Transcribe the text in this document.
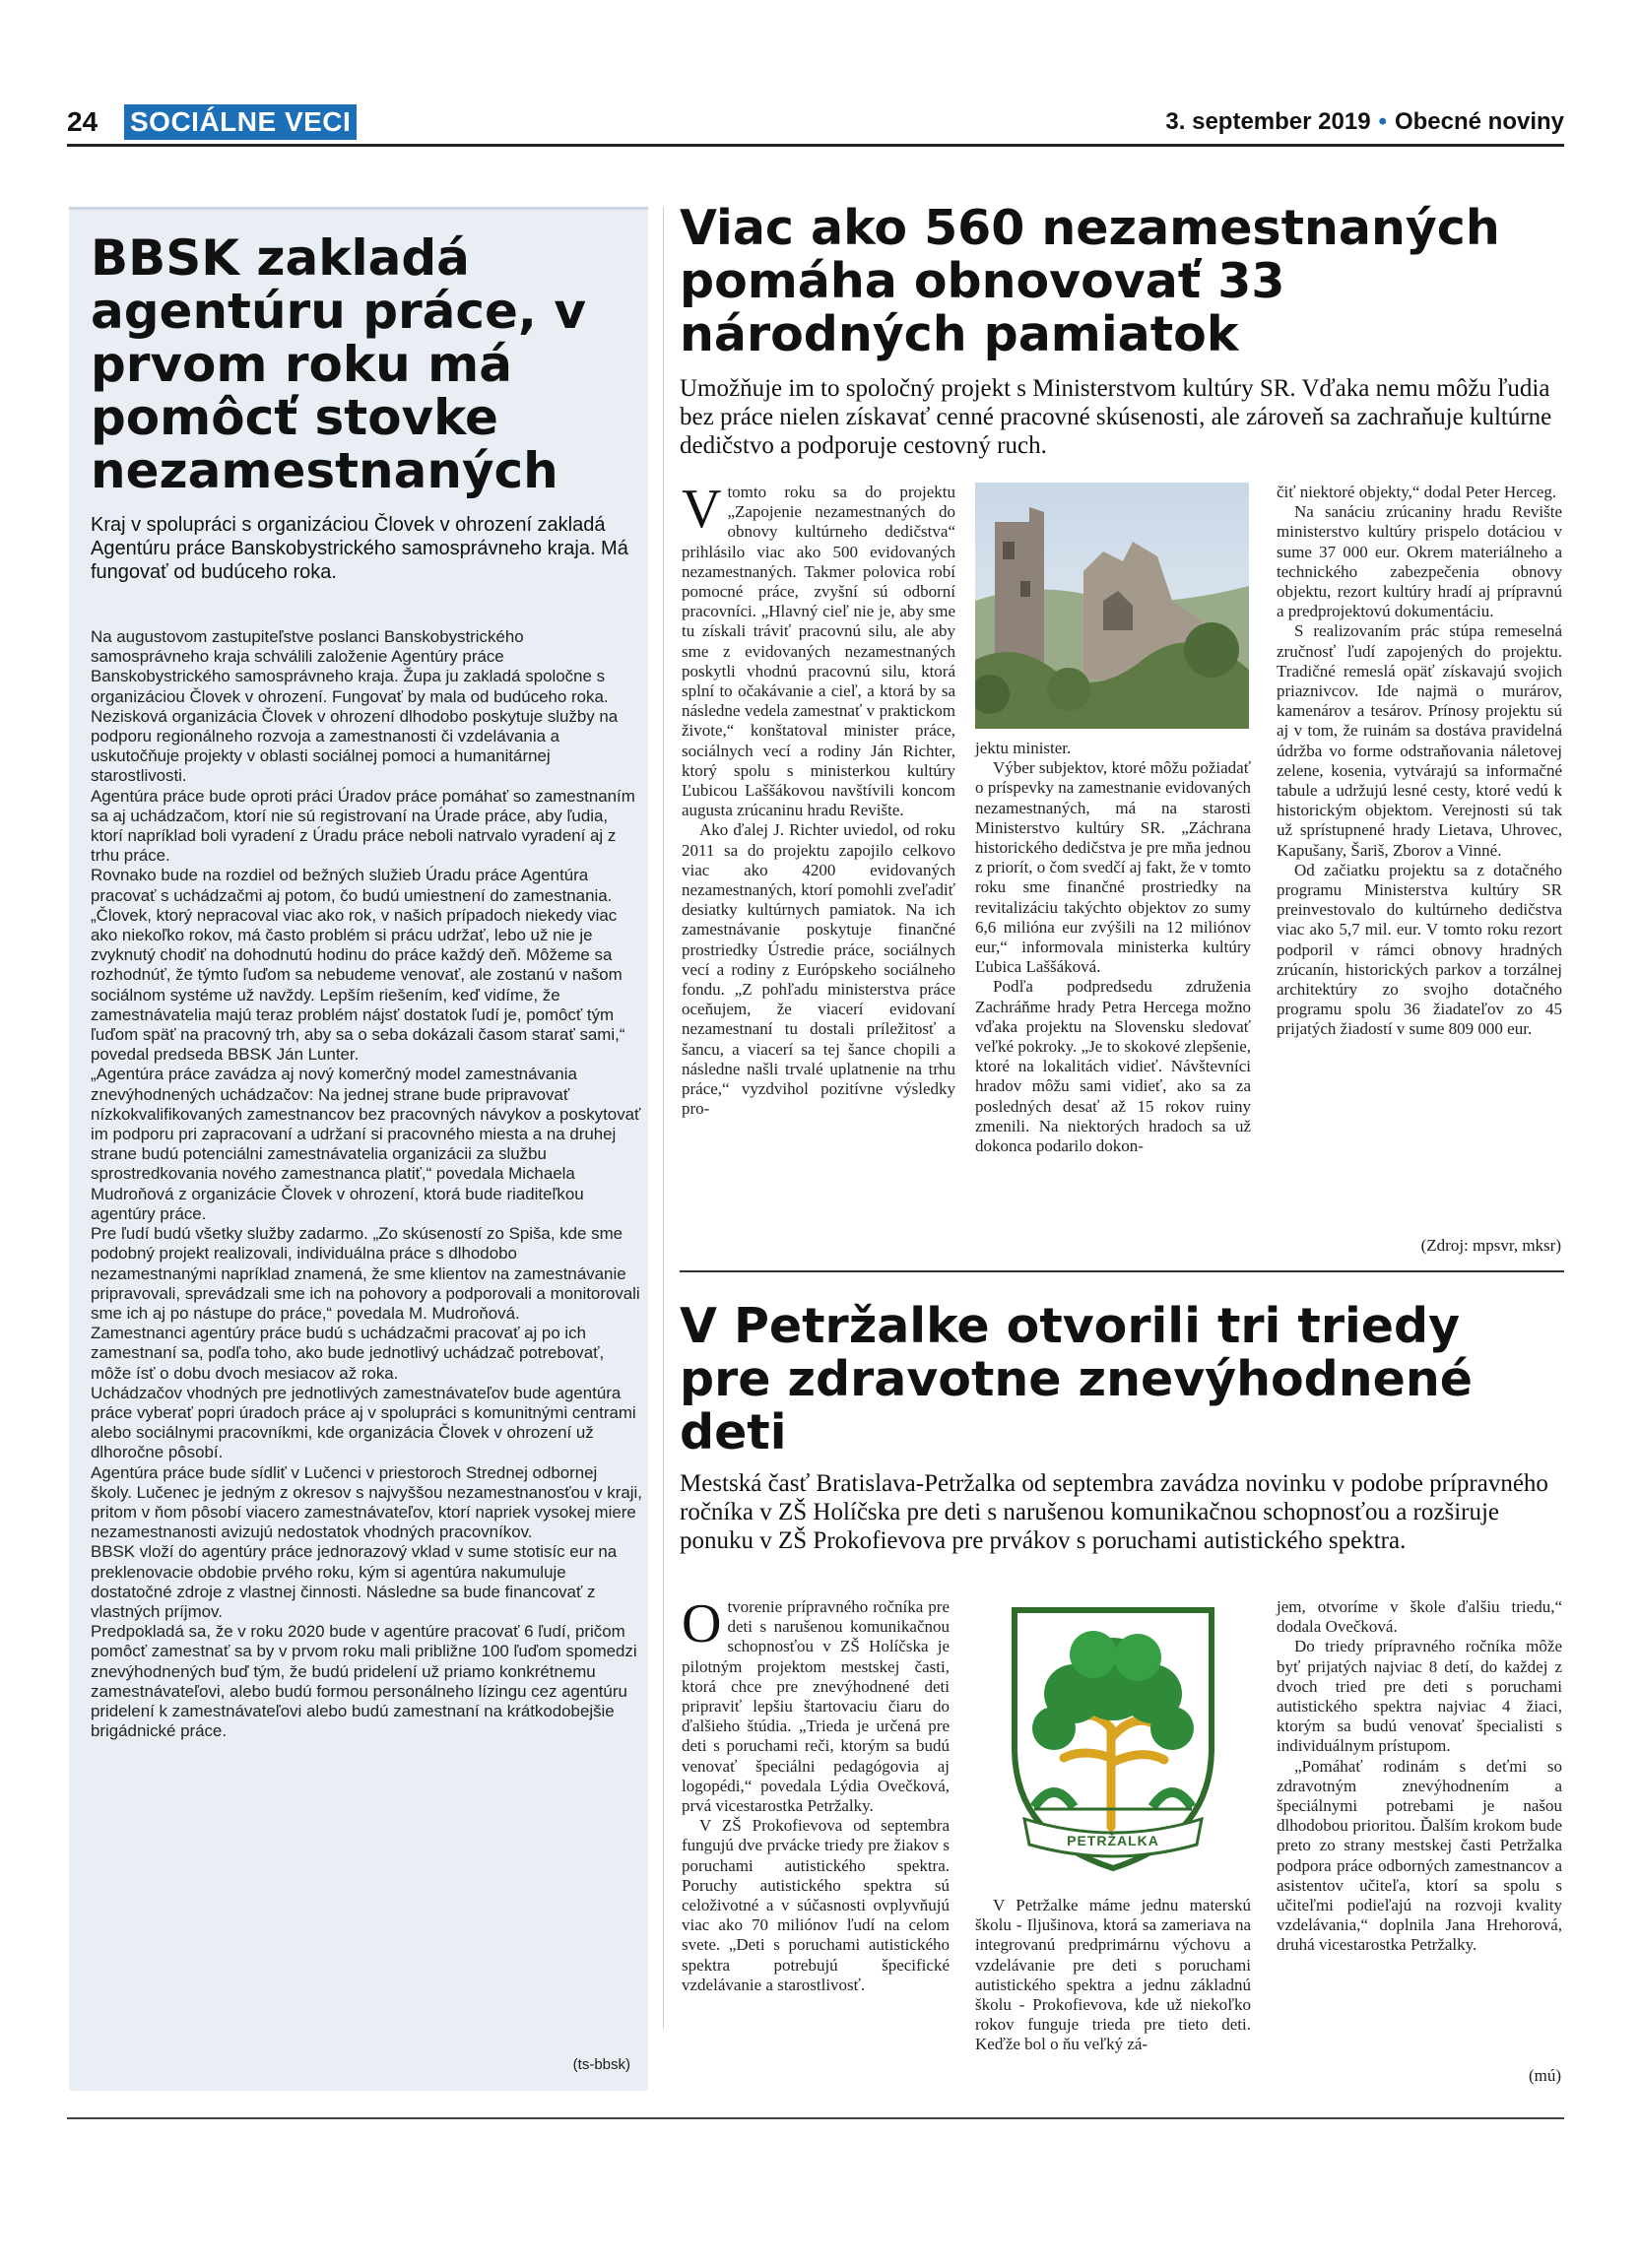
24 SOCIÁLNE VECI	3. september 2019 • Obecné noviny
BBSK zakladá agentúru práce, v prvom roku má pomôcť stovke nezamestnaných

Kraj v spolupráci s organizáciou Človek v ohrození zakladá Agentúru práce Banskobystrického samosprávneho kraja. Má fungovať od budúceho roka.

Na augustovom zastupiteľstve poslanci Banskobystrického samosprávneho kraja schválili založenie Agentúry práce Banskobystrického samosprávneho kraja. Župa ju zakladá spoločne s organizáciou Človek v ohrození. Fungovať by mala od budúceho roka. Nezisková organizácia Človek v ohrození dlhodobo poskytuje služby na podporu regionálneho rozvoja a zamestnanosti či vzdelávania a uskutočňuje projekty v oblasti sociálnej pomoci a humanitárnej starostlivosti.

Agentúra práce bude oproti práci Úradov práce pomáhať so zamestnaním sa aj uchádzačom, ktorí nie sú registrovaní na Úrade práce, aby ľudia, ktorí napríklad boli vyradení z Úradu práce neboli natrvalo vyradení aj z trhu práce.

Rovnako bude na rozdiel od bežných služieb Úradu práce Agentúra pracovať s uchádzačmi aj potom, čo budú umiestnení do zamestnania.

„Človek, ktorý nepracoval viac ako rok, v našich prípadoch niekedy viac ako niekoľko rokov, má často problém si prácu udržať, lebo už nie je zvyknutý chodiť na dohodnutú hodinu do práce každý deň. Môžeme sa rozhodnúť, že týmto ľuďom sa nebudeme venovať, ale zostanú v našom sociálnom systéme už navždy. Lepším riešením, keď vidíme, že zamestnávatelia majú teraz problém nájsť dostatok ľudí je, pomôcť tým ľuďom späť na pracovný trh, aby sa o seba dokázali časom starať sami,“ povedal predseda BBSK Ján Lunter.

„Agentúra práce zavádza aj nový komerčný model zamestnávania znevýhodnených uchádzačov: Na jednej strane bude pripravovať nízkokvalifikovaných zamestnancov bez pracovných návykov a poskytovať im podporu pri zapracovaní a udržaní si pracovného miesta a na druhej strane budú potenciálni zamestnávatelia organizácii za službu sprostredkovania nového zamestnanca platiť,“ povedala Michaela Mudroňová z organizácie Človek v ohrození, ktorá bude riaditeľkou agentúry práce.

Pre ľudí budú všetky služby zadarmo. „Zo skúseností zo Spiša, kde sme podobný projekt realizovali, individuálna práce s dlhodobo nezamestnanými napríklad znamená, že sme klientov na zamestnávanie pripravovali, sprevádzali sme ich na pohovory a podporovali a monitorovali sme ich aj po nástupe do práce,“ povedala M. Mudroňová.

Zamestnanci agentúry práce budú s uchádzačmi pracovať aj po ich zamestnaní sa, podľa toho, ako bude jednotlivý uchádzač potrebovať, môže ísť o dobu dvoch mesiacov až roka.

Uchádzačov vhodných pre jednotlivých zamestnávateľov bude agentúra práce vyberať popri úradoch práce aj v spolupráci s komunitnými centrami alebo sociálnymi pracovníkmi, kde organizácia Človek v ohrození už dlhoročne pôsobí.

Agentúra práce bude sídliť v Lučenci v priestoroch Strednej odbornej školy. Lučenec je jedným z okresov s najvyššou nezamestnanosťou v kraji, pritom v ňom pôsobí viacero zamestnávateľov, ktorí napriek vysokej miere nezamestnanosti avizujú nedostatok vhodných pracovníkov.

BBSK vloží do agentúry práce jednorazový vklad v sume stotisíc eur na preklenovacie obdobie prvého roku, kým si agentúra nakumuluje dostatočné zdroje z vlastnej činnosti. Následne sa bude financovať z vlastných príjmov.

Predpokladá sa, že v roku 2020 bude v agentúre pracovať 6 ľudí, pričom pomôcť zamestnať sa by v prvom roku mali približne 100 ľuďom spomedzi znevýhodnených buď tým, že budú pridelení už priamo konkrétnemu zamestnávateľovi, alebo budú formou personálneho lízingu cez agentúru pridelení k zamestnávateľovi alebo budú zamestnaní na krátkodobejšie brigádnické práce.

(ts-bbsk)
Viac ako 560 nezamestnaných pomáha obnovovať 33 národných pamiatok

Umožňuje im to spoločný projekt s Ministerstvom kultúry SR. Vďaka nemu môžu ľudia bez práce nielen získavať cenné pracovné skúsenosti, ale zároveň sa zachraňuje kultúrne dedičstvo a podporuje cestovný ruch.

Vtomto roku sa do projektu „Zapojenie nezamestnaných do obnovy kultúrneho dedičstva“ prihlásilo viac ako 500 evidovaných nezamestnaných. Takmer polovica robí pomocné práce, zvyšní sú odborní pracovníci. „Hlavný cieľ nie je, aby sme tu získali tráviť pracovnú silu, ale aby sme z evidovaných nezamestnaných poskytli vhodnú pracovnú silu, ktorá splní to očakávanie a cieľ, a ktorá by sa následne vedela zamestnať v praktickom živote,“ konštatoval minister práce, sociálnych vecí a rodiny Ján Richter, ktorý spolu s ministerkou kultúry Ľubicou Laššákovou navštívili koncom augusta zrúcaninu hradu Revište.

Ako ďalej J. Richter uviedol, od roku 2011 sa do projektu zapojilo celkovo viac ako 4200 evidovaných nezamestnaných, ktorí pomohli zveľadiť desiatky kultúrnych pamiatok. Na ich zamestnávanie poskytuje finančné prostriedky Ústredie práce, sociálnych vecí a rodiny z Európskeho sociálneho fondu. „Z pohľadu ministerstva práce oceňujem, že viacerí evidovaní nezamestnaní tu dostali príležitosť a šancu, a viacerí sa tej šance chopili a následne našli trvalé uplatnenie na trhu práce,“ vyzdvihol pozitívne výsledky pro-

jektu minister.

Výber subjektov, ktoré môžu požiadať o príspevky na zamestnanie evidovaných nezamestnaných, má na starosti Ministerstvo kultúry SR. „Záchrana historického dedičstva je pre mňa jednou z priorít, o čom svedčí aj fakt, že v tomto roku sme finančné prostriedky na revitalizáciu takýchto objektov zo sumy 6,6 milióna eur zvýšili na 12 miliónov eur,“ informovala ministerka kultúry Ľubica Laššáková.

Podľa podpredsedu združenia Zachráňme hrady Petra Hercega možno vďaka projektu na Slovensku sledovať veľké pokroky. „Je to skokové zlepšenie, ktoré na lokalitách vidieť. Návštevníci hradov môžu sami vidieť, ako sa za posledných desať až 15 rokov ruiny zmenili. Na niektorých hradoch sa už dokonca podarilo dokon-

čiť niektoré objekty,“ dodal Peter Herceg.

Na sanáciu zrúcaniny hradu Revište ministerstvo kultúry prispelo dotáciou v sume 37 000 eur. Okrem materiálneho a technického zabezpečenia obnovy objektu, rezort kultúry hradí aj prípravnú a predprojektovú dokumentáciu.

S realizovaním prác stúpa remeselná zručnosť ľudí zapojených do projektu. Tradičné remeslá opäť získavajú svojich priaznivcov. Ide najmä o murárov, kamenárov a tesárov. Prínosy projektu sú aj v tom, že ruinám sa dostáva pravidelná údržba vo forme odstraňovania náletovej zelene, kosenia, vytvárajú sa informačné tabule a udržujú lesné cesty, ktoré vedú k historickým objektom. Verejnosti sú tak už sprístupnené hrady Lietava, Uhrovec, Kapušany, Šariš, Zborov a Vinné.

Od začiatku projektu sa z dotačného programu Ministerstva kultúry SR preinvestovalo do kultúrneho dedičstva viac ako 5,7 mil. eur. V tomto roku rezort podporil v rámci obnovy hradných zrúcanín, historických parkov a torzálnej architektúry zo svojho dotačného programu spolu 36 žiadateľov zo 45 prijatých žiadostí v sume 809 000 eur.

(Zdroj: mpsvr, mksr)
V Petržalke otvorili tri triedy pre zdravotne znevýhodnené deti

Mestská časť Bratislava-Petržalka od septembra zavádza novinku v podobe prípravného ročníka v ZŠ Holíčska pre deti s narušenou komunikačnou schopnosťou a rozširuje ponuku v ZŠ Prokofievova pre prvákov s poruchami autistického spektra.

Otvorenie prípravného ročníka pre deti s narušenou komunikačnou schopnosťou v ZŠ Holíčska je pilotným projektom mestskej časti, ktorá chce pre znevýhodnené deti pripraviť lepšiu štartovaciu čiaru do ďalšieho štúdia. „Trieda je určená pre deti s poruchami reči, ktorým sa budú venovať špeciálni pedagógovia aj logopédi,“ povedala Lýdia Ovečková, prvá vicestarostka Petržalky.

V ZŠ Prokofievova od septembra fungujú dve prvácke triedy pre žiakov s poruchami autistického spektra. Poruchy autistického spektra sú celoživotné a v súčasnosti ovplyvňujú viac ako 70 miliónov ľudí na celom svete. „Deti s poruchami autistického spektra potrebujú špecifické vzdelávanie a starostlivosť.

PETRŽALKA

V Petržalke máme jednu materskú školu - Iljušinova, ktorá sa zameriava na integrovanú predprimárnu výchovu a vzdelávanie pre deti s poruchami autistického spektra a jednu základnú školu - Prokofievova, kde už niekoľko rokov funguje trieda pre tieto deti. Keďže bol o ňu veľký zá-

jem, otvoríme v škole ďalšiu triedu,“ dodala Ovečková.

Do triedy prípravného ročníka môže byť prijatých najviac 8 detí, do každej z dvoch tried pre deti s poruchami autistického spektra najviac 4 žiaci, ktorým sa budú venovať špecialisti s individuálnym prístupom.

„Pomáhať rodinám s deťmi so zdravotným znevýhodnením a špeciálnymi potrebami je našou dlhodobou prioritou. Ďalším krokom bude preto zo strany mestskej časti Petržalka podpora práce odborných zamestnancov a asistentov učiteľa, ktorí sa spolu s učiteľmi podieľajú na rozvoji kvality vzdelávania,“ doplnila Jana Hrehorová, druhá vicestarostka Petržalky.

(mú)
